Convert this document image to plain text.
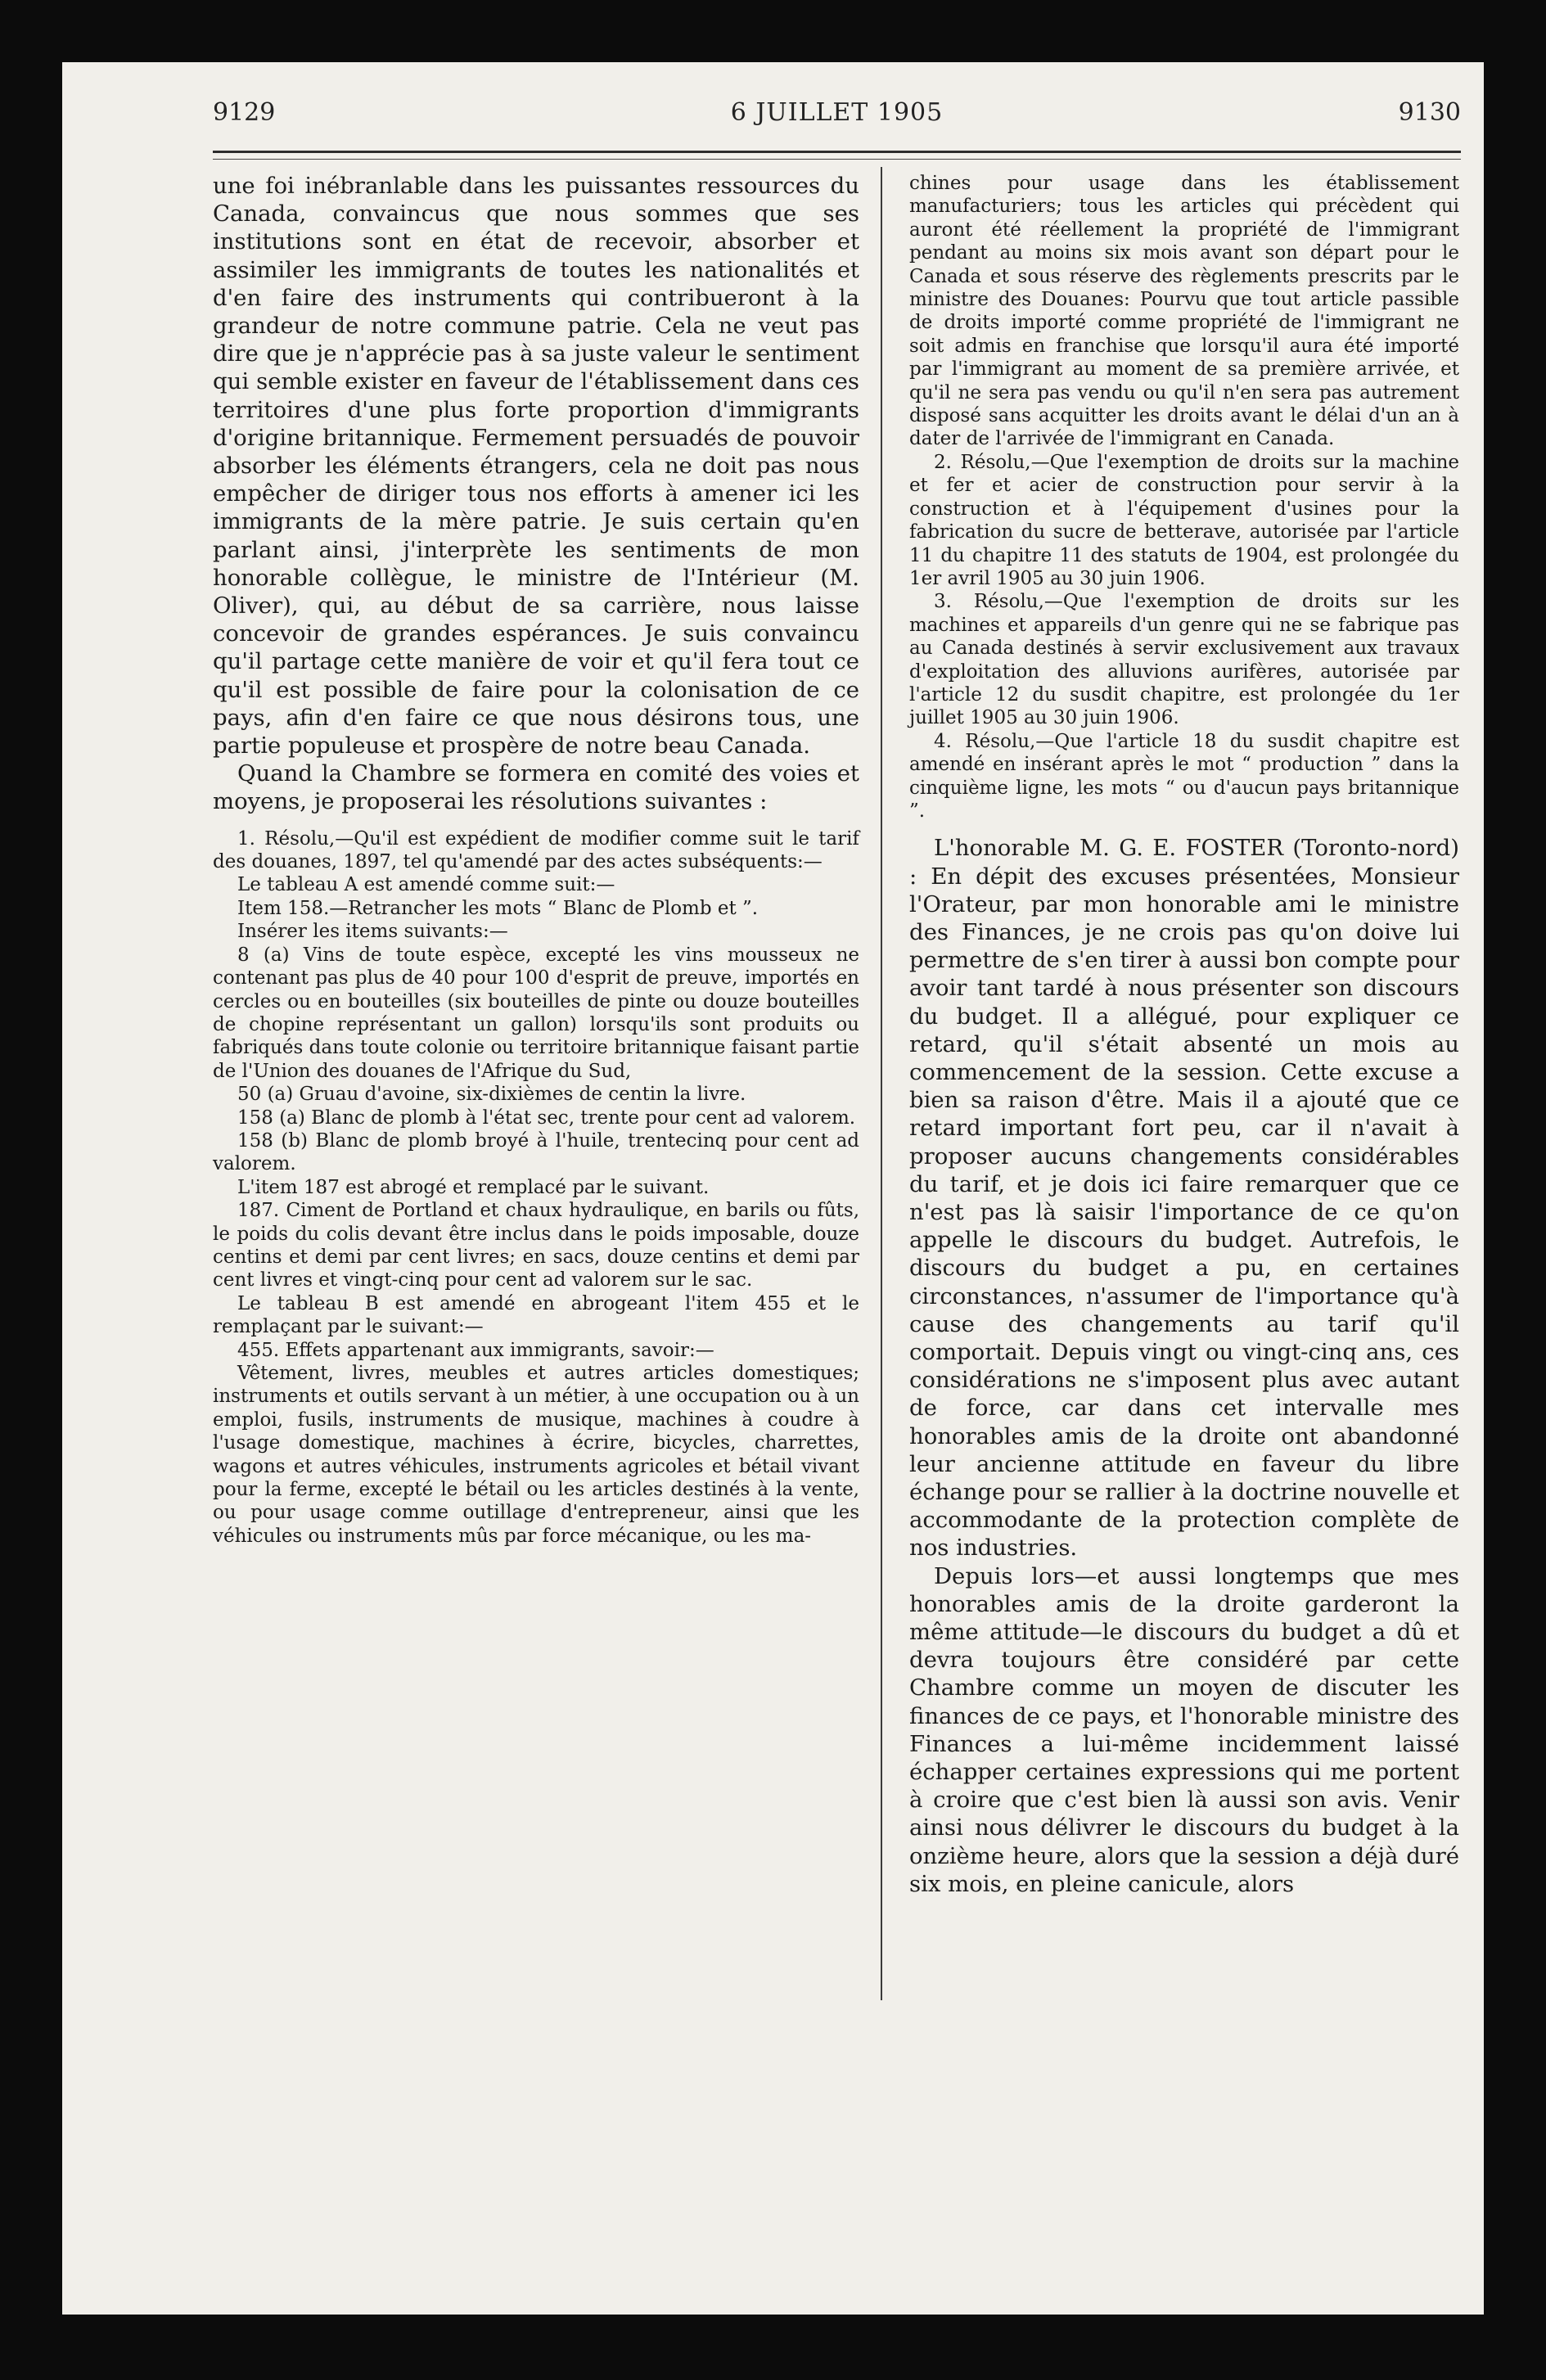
9129	6 JUILLET 1905	9130

une foi inébranlable dans les puissantes ressources du Canada, convaincus que nous sommes que ses institutions sont en état de recevoir, absorber et assimiler les immigrants de toutes les nationalités et d'en faire des instruments qui contribueront à la grandeur de notre commune patrie. Cela ne veut pas dire que je n'apprécie pas à sa juste valeur le sentiment qui semble exister en faveur de l'établissement dans ces territoires d'une plus forte proportion d'immigrants d'origine britannique. Fermement persuadés de pouvoir absorber les éléments étrangers, cela ne doit pas nous empêcher de diriger tous nos efforts à amener ici les immigrants de la mère patrie. Je suis certain qu'en parlant ainsi, j'interprète les sentiments de mon honorable collègue, le ministre de l'Intérieur (M. Oliver), qui, au début de sa carrière, nous laisse concevoir de grandes espérances. Je suis convaincu qu'il partage cette manière de voir et qu'il fera tout ce qu'il est possible de faire pour la colonisation de ce pays, afin d'en faire ce que nous désirons tous, une partie populeuse et prospère de notre beau Canada.

Quand la Chambre se formera en comité des voies et moyens, je proposerai les résolutions suivantes :

1. Résolu,—Qu'il est expédient de modifier comme suit le tarif des douanes, 1897, tel qu'amendé par des actes subséquents:—

Le tableau A est amendé comme suit:—

Item 158.—Retrancher les mots “ Blanc de Plomb et ”.

Insérer les items suivants:—

8 (a) Vins de toute espèce, excepté les vins mousseux ne contenant pas plus de 40 pour 100 d'esprit de preuve, importés en cercles ou en bouteilles (six bouteilles de pinte ou douze bouteilles de chopine représentant un gallon) lorsqu'ils sont produits ou fabriqués dans toute colonie ou territoire britannique faisant partie de l'Union des douanes de l'Afrique du Sud,

50 (a) Gruau d'avoine, six-dixièmes de centin la livre.

158 (a) Blanc de plomb à l'état sec, trente pour cent ad valorem.

158 (b) Blanc de plomb broyé à l'huile, trentecinq pour cent ad valorem.

L'item 187 est abrogé et remplacé par le suivant.

187. Ciment de Portland et chaux hydraulique, en barils ou fûts, le poids du colis devant être inclus dans le poids imposable, douze centins et demi par cent livres; en sacs, douze centins et demi par cent livres et vingt-cinq pour cent ad valorem sur le sac.

Le tableau B est amendé en abrogeant l'item 455 et le remplaçant par le suivant:—

455. Effets appartenant aux immigrants, savoir:—

Vêtement, livres, meubles et autres articles domestiques; instruments et outils servant à un métier, à une occupation ou à un emploi, fusils, instruments de musique, machines à coudre à l'usage domestique, machines à écrire, bicycles, charrettes, wagons et autres véhicules, instruments agricoles et bétail vivant pour la ferme, excepté le bétail ou les articles destinés à la vente, ou pour usage comme outillage d'entrepreneur, ainsi que les véhicules ou instruments mûs par force mécanique, ou les ma-

chines pour usage dans les établissement manufacturiers; tous les articles qui précèdent qui auront été réellement la propriété de l'immigrant pendant au moins six mois avant son départ pour le Canada et sous réserve des règlements prescrits par le ministre des Douanes: Pourvu que tout article passible de droits importé comme propriété de l'immigrant ne soit admis en franchise que lorsqu'il aura été importé par l'immigrant au moment de sa première arrivée, et qu'il ne sera pas vendu ou qu'il n'en sera pas autrement disposé sans acquitter les droits avant le délai d'un an à dater de l'arrivée de l'immigrant en Canada.

2. Résolu,—Que l'exemption de droits sur la machine et fer et acier de construction pour servir à la construction et à l'équipement d'usines pour la fabrication du sucre de betterave, autorisée par l'article 11 du chapitre 11 des statuts de 1904, est prolongée du 1er avril 1905 au 30 juin 1906.

3. Résolu,—Que l'exemption de droits sur les machines et appareils d'un genre qui ne se fabrique pas au Canada destinés à servir exclusivement aux travaux d'exploitation des alluvions aurifères, autorisée par l'article 12 du susdit chapitre, est prolongée du 1er juillet 1905 au 30 juin 1906.

4. Résolu,—Que l'article 18 du susdit chapitre est amendé en insérant après le mot “ production ” dans la cinquième ligne, les mots “ ou d'aucun pays britannique ”.

L'honorable M. G. E. FOSTER (Toronto-nord) : En dépit des excuses présentées, Monsieur l'Orateur, par mon honorable ami le ministre des Finances, je ne crois pas qu'on doive lui permettre de s'en tirer à aussi bon compte pour avoir tant tardé à nous présenter son discours du budget. Il a allégué, pour expliquer ce retard, qu'il s'était absenté un mois au commencement de la session. Cette excuse a bien sa raison d'être. Mais il a ajouté que ce retard important fort peu, car il n'avait à proposer aucuns changements considérables du tarif, et je dois ici faire remarquer que ce n'est pas là saisir l'importance de ce qu'on appelle le discours du budget. Autrefois, le discours du budget a pu, en certaines circonstances, n'assumer de l'importance qu'à cause des changements au tarif qu'il comportait. Depuis vingt ou vingt-cinq ans, ces considérations ne s'imposent plus avec autant de force, car dans cet intervalle mes honorables amis de la droite ont abandonné leur ancienne attitude en faveur du libre échange pour se rallier à la doctrine nouvelle et accommodante de la protection complète de nos industries.

Depuis lors—et aussi longtemps que mes honorables amis de la droite garderont la même attitude—le discours du budget a dû et devra toujours être considéré par cette Chambre comme un moyen de discuter les finances de ce pays, et l'honorable ministre des Finances a lui-même incidemment laissé échapper certaines expressions qui me portent à croire que c'est bien là aussi son avis. Venir ainsi nous délivrer le discours du budget à la onzième heure, alors que la session a déjà duré six mois, en pleine canicule, alors
